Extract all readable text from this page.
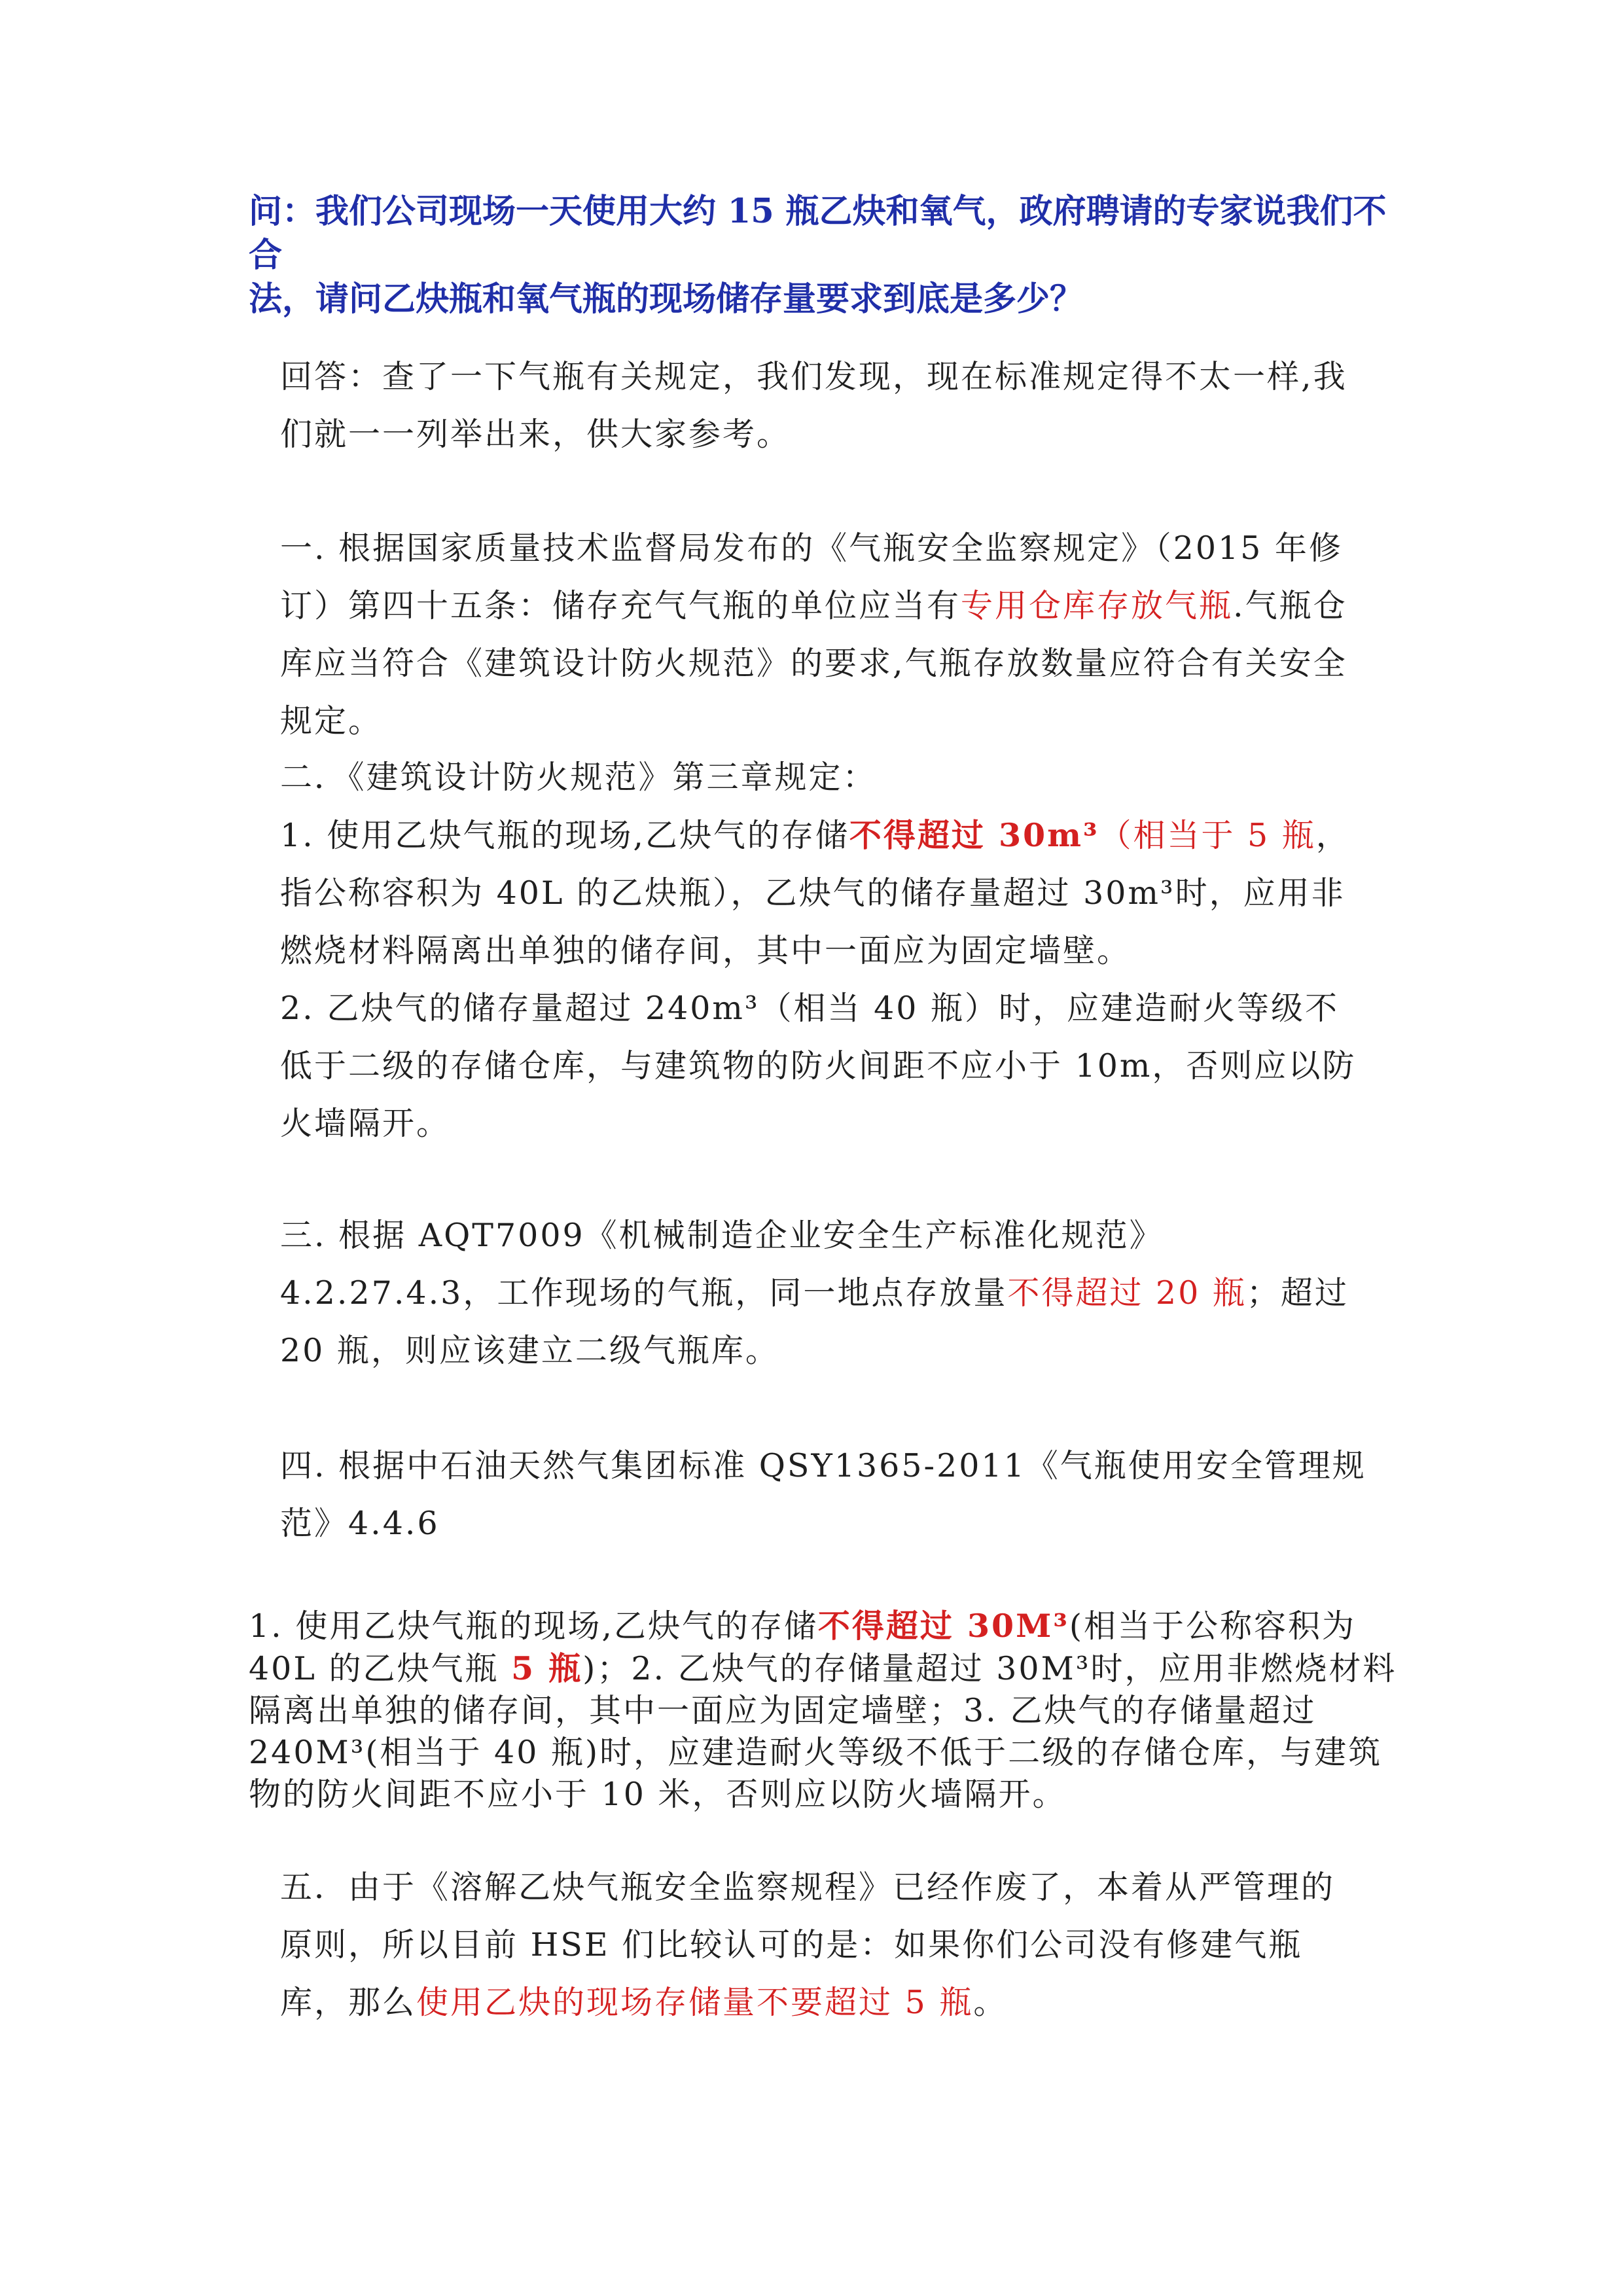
问：我们公司现场一天使用大约 15 瓶乙炔和氧气，政府聘请的专家说我们不合
法，请问乙炔瓶和氧气瓶的现场储存量要求到底是多少？

回答：查了一下气瓶有关规定，我们发现，现在标准规定得不太一样,我们就一一列举出来，供大家参考。

一. 根据国家质量技术监督局发布的《气瓶安全监察规定》（2015 年修订）第四十五条：储存充气气瓶的单位应当有专用仓库存放气瓶.气瓶仓库应当符合《建筑设计防火规范》的要求,气瓶存放数量应符合有关安全规定。

二．《建筑设计防火规范》第三章规定：
1. 使用乙炔气瓶的现场,乙炔气的存储不得超过 30m³（相当于 5 瓶，指公称容积为 40L 的乙炔瓶），乙炔气的储存量超过 30m³时，应用非燃烧材料隔离出单独的储存间，其中一面应为固定墙壁。
2. 乙炔气的储存量超过 240m³（相当 40 瓶）时，应建造耐火等级不低于二级的存储仓库，与建筑物的防火间距不应小于 10m，否则应以防火墙隔开。

三. 根据 AQT7009《机械制造企业安全生产标准化规范》4.2.27.4.3，工作现场的气瓶，同一地点存放量不得超过 20 瓶；超过 20 瓶，则应该建立二级气瓶库。

四. 根据中石油天然气集团标准 QSY1365-2011《气瓶使用安全管理规范》4.4.6

1. 使用乙炔气瓶的现场,乙炔气的存储不得超过 30M³(相当于公称容积为 40L 的乙炔气瓶 5 瓶)；2. 乙炔气的存储量超过 30M³时，应用非燃烧材料隔离出单独的储存间，其中一面应为固定墙壁；3. 乙炔气的存储量超过 240M³(相当于 40 瓶)时，应建造耐火等级不低于二级的存储仓库，与建筑物的防火间距不应小于 10 米，否则应以防火墙隔开。

五．由于《溶解乙炔气瓶安全监察规程》已经作废了，本着从严管理的原则，所以目前 HSE 们比较认可的是：如果你们公司没有修建气瓶库，那么使用乙炔的现场存储量不要超过 5 瓶。
